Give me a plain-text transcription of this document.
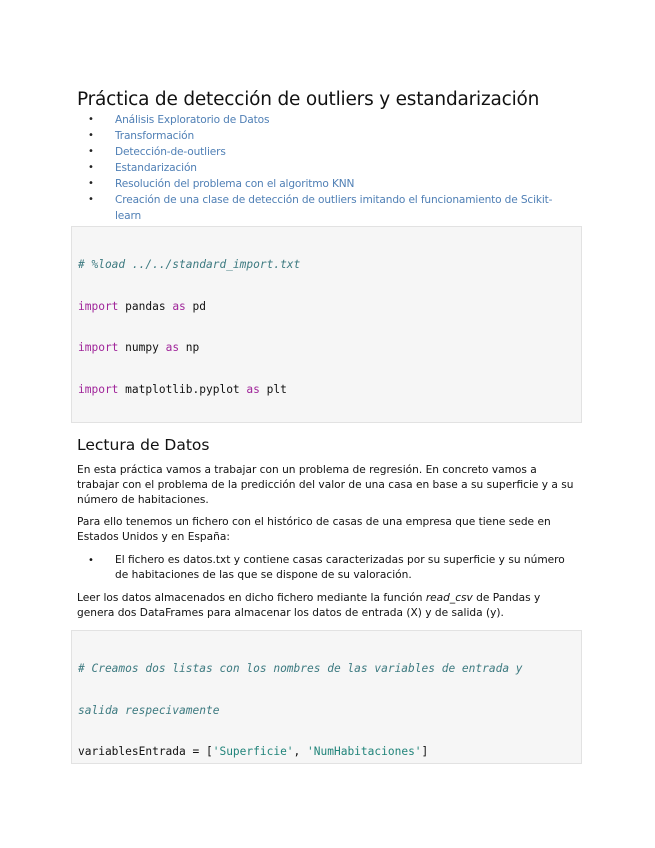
Práctica de detección de outliers y estandarización
• Análisis Exploratorio de Datos
• Transformación
• Detección-de-outliers
• Estandarización
• Resolución del problema con el algoritmo KNN
• Creación de una clase de detección de outliers imitando el funcionamiento de Scikit-learn

# %load ../../standard_import.txt

import pandas as pd

import numpy as np

import matplotlib.pyplot as plt

Lectura de Datos

En esta práctica vamos a trabajar con un problema de regresión. En concreto vamos a trabajar con el problema de la predicción del valor de una casa en base a su superficie y a su número de habitaciones.

Para ello tenemos un fichero con el histórico de casas de una empresa que tiene sede en Estados Unidos y en España:

• El fichero es datos.txt y contiene casas caracterizadas por su superficie y su número de habitaciones de las que se dispone de su valoración.

Leer los datos almacenados en dicho fichero mediante la función read_csv de Pandas y genera dos DataFrames para almacenar los datos de entrada (X) y de salida (y).

# Creamos dos listas con los nombres de las variables de entrada y

salida respecivamente

variablesEntrada = ['Superficie', 'NumHabitaciones']
